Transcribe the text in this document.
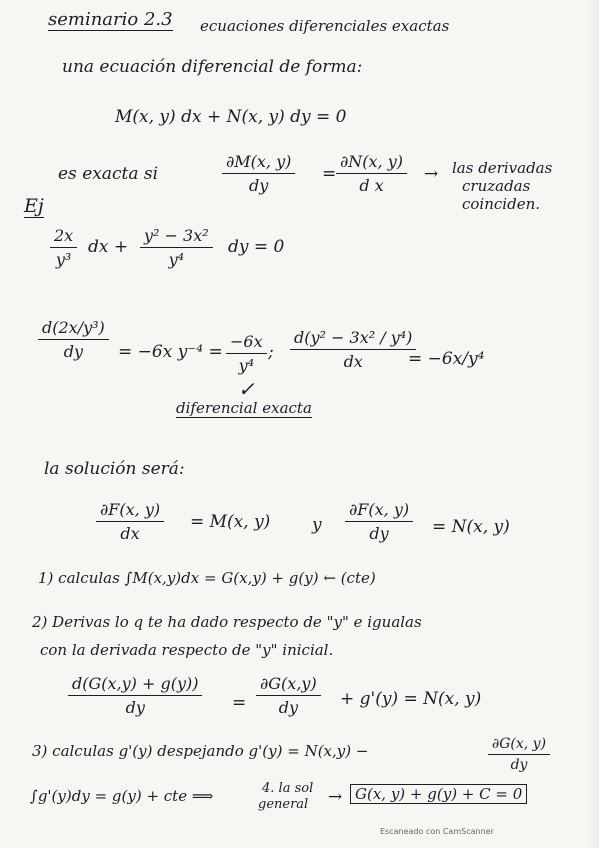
seminario 2.3 ecuaciones diferenciales exactas
una ecuación diferencial de forma:
M(x, y) dx + N(x, y) dy = 0
es exacta si
∂M(x, y)
dy
=
∂N(x, y)
d x
→ las derivadas
cruzadas
coinciden.
Ej
2x
y³
dx +
y² − 3x²
y⁴
dy = 0
d(2x/y³)
dy = −6x y⁻⁴ =
−6x
y⁴
;
d(y² − 3x² / y⁴)
dx	= −6x/y⁴
✓
diferencial exacta
la solución será:
∂F(x, y)
dx
= M(x, y) y
∂F(x, y)
dy	= N(x, y)
1) calculas ∫M(x,y)dx = G(x,y) + g(y) ← (cte)
2) Derivas lo q te ha dado respecto de "y" e igualas
con la derivada respecto de "y" inicial.
d(G(x,y) + g(y))
dy	=
∂G(x,y)
dy + g'(y) = N(x, y)
3) calculas g'(y) despejando g'(y) = N(x,y) −	∂G(x, y)
dy
∫g'(y)dy = g(y) + cte ⟹	4. la sol
general → G(x, y) + g(y) + C = 0
Escaneado con CamScanner
